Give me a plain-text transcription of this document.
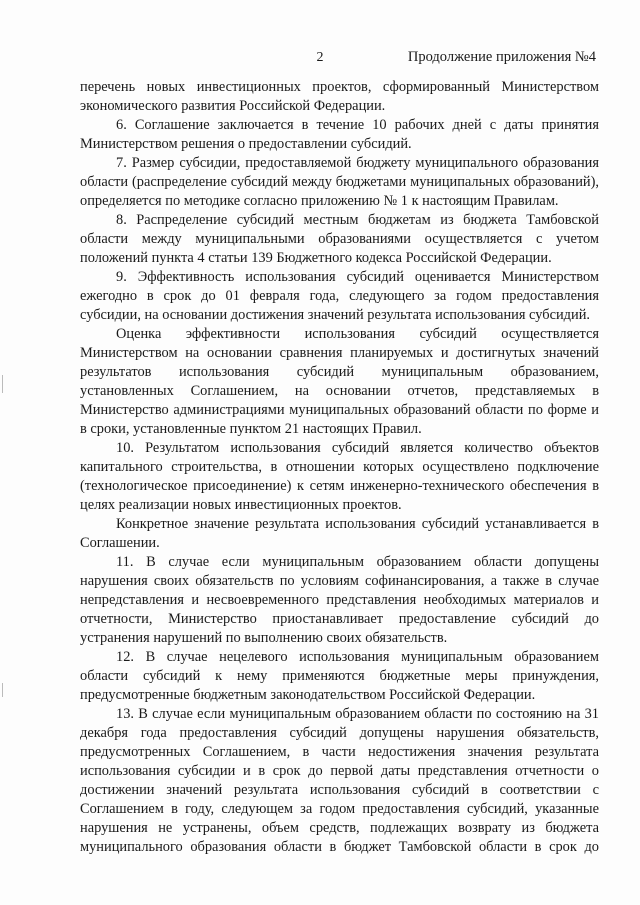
2	Продолжение приложения №4

перечень новых инвестиционных проектов, сформированный Министерством экономического развития Российской Федерации.

6. Соглашение заключается в течение 10 рабочих дней с даты принятия Министерством решения о предоставлении субсидий.

7. Размер субсидии, предоставляемой бюджету муниципального образования области (распределение субсидий между бюджетами муниципальных образований), определяется по методике согласно приложению № 1 к настоящим Правилам.

8. Распределение субсидий местным бюджетам из бюджета Тамбовской области между муниципальными образованиями осуществляется с учетом положений пункта 4 статьи 139 Бюджетного кодекса Российской Федерации.

9. Эффективность использования субсидий оценивается Министерством ежегодно в срок до 01 февраля года, следующего за годом предоставления субсидии, на основании достижения значений результата использования субсидий.

Оценка эффективности использования субсидий осуществляется Министерством на основании сравнения планируемых и достигнутых значений результатов использования субсидий муниципальным образованием, установленных Соглашением, на основании отчетов, представляемых в Министерство администрациями муниципальных образований области по форме и в сроки, установленные пунктом 21 настоящих Правил.

10. Результатом использования субсидий является количество объектов капитального строительства, в отношении которых осуществлено подключение (технологическое присоединение) к сетям инженерно-технического обеспечения в целях реализации новых инвестиционных проектов.

Конкретное значение результата использования субсидий устанавливается в Соглашении.

11. В случае если муниципальным образованием области допущены нарушения своих обязательств по условиям софинансирования, а также в случае непредставления и несвоевременного представления необходимых материалов и отчетности, Министерство приостанавливает предоставление субсидий до устранения нарушений по выполнению своих обязательств.

12. В случае нецелевого использования муниципальным образованием области субсидий к нему применяются бюджетные меры принуждения, предусмотренные бюджетным законодательством Российской Федерации.

13. В случае если муниципальным образованием области по состоянию на 31 декабря года предоставления субсидий допущены нарушения обязательств, предусмотренных Соглашением, в части недостижения значения результата использования субсидии и в срок до первой даты представления отчетности о достижении значений результата использования субсидий в соответствии с Соглашением в году, следующем за годом предоставления субсидий, указанные нарушения не устранены, объем средств, подлежащих возврату из бюджета муниципального образования области в бюджет Тамбовской области в срок до
